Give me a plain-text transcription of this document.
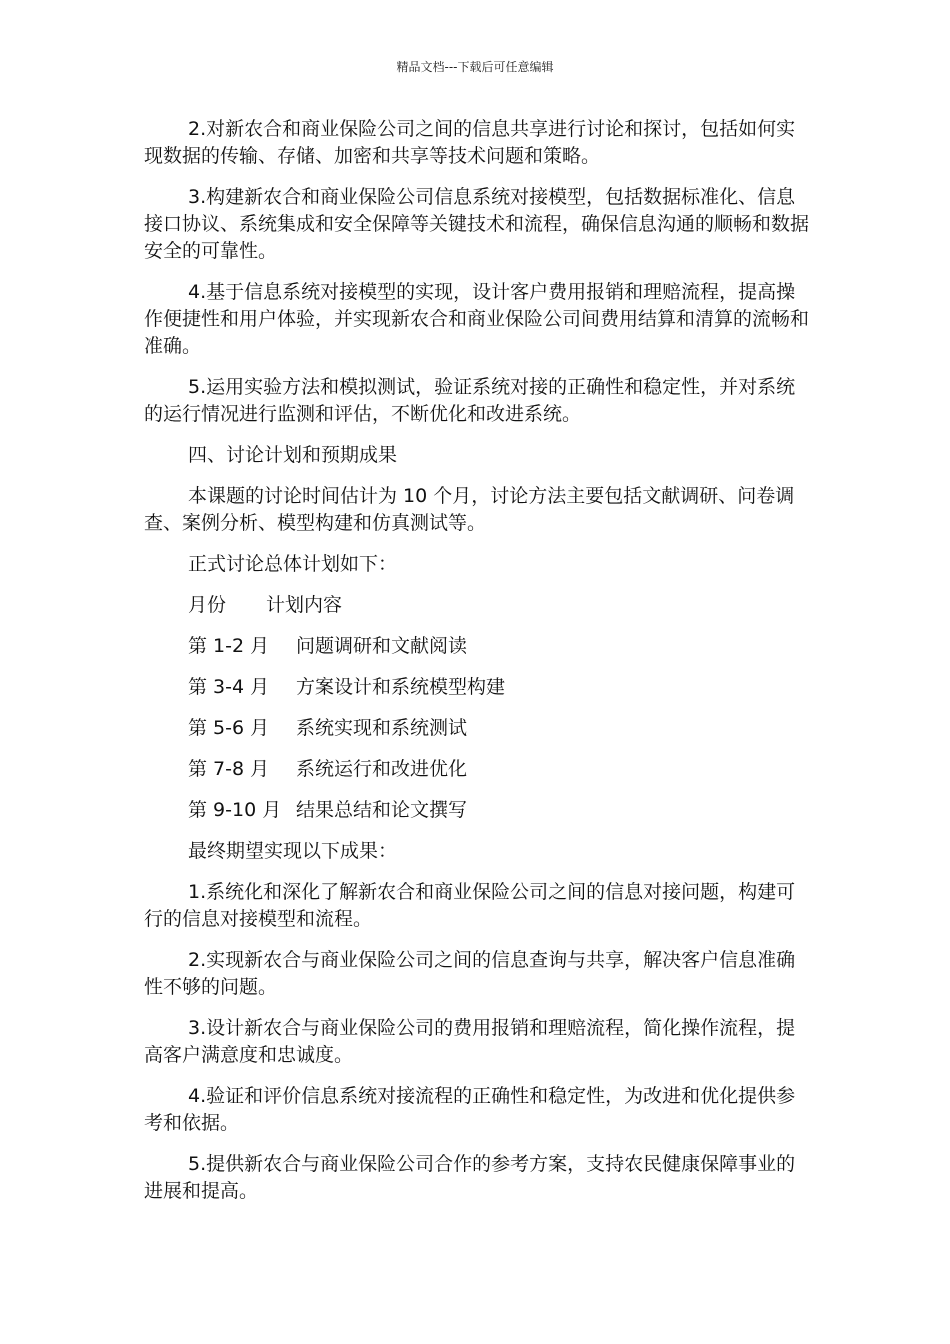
精品文档---下载后可任意编辑

2.对新农合和商业保险公司之间的信息共享进行讨论和探讨，包括如何实现数据的传输、存储、加密和共享等技术问题和策略。

3.构建新农合和商业保险公司信息系统对接模型，包括数据标准化、信息接口协议、系统集成和安全保障等关键技术和流程，确保信息沟通的顺畅和数据安全的可靠性。

4.基于信息系统对接模型的实现，设计客户费用报销和理赔流程，提高操作便捷性和用户体验，并实现新农合和商业保险公司间费用结算和清算的流畅和准确。

5.运用实验方法和模拟测试，验证系统对接的正确性和稳定性，并对系统的运行情况进行监测和评估，不断优化和改进系统。

四、讨论计划和预期成果

本课题的讨论时间估计为 10 个月，讨论方法主要包括文献调研、问卷调查、案例分析、模型构建和仿真测试等。

正式讨论总体计划如下：

月份 计划内容
第 1-2 月 问题调研和文献阅读
第 3-4 月 方案设计和系统模型构建
第 5-6 月 系统实现和系统测试
第 7-8 月 系统运行和改进优化
第 9-10 月 结果总结和论文撰写

最终期望实现以下成果：

1.系统化和深化了解新农合和商业保险公司之间的信息对接问题，构建可行的信息对接模型和流程。

2.实现新农合与商业保险公司之间的信息查询与共享，解决客户信息准确性不够的问题。

3.设计新农合与商业保险公司的费用报销和理赔流程，简化操作流程，提高客户满意度和忠诚度。

4.验证和评价信息系统对接流程的正确性和稳定性，为改进和优化提供参考和依据。

5.提供新农合与商业保险公司合作的参考方案，支持农民健康保障事业的进展和提高。
